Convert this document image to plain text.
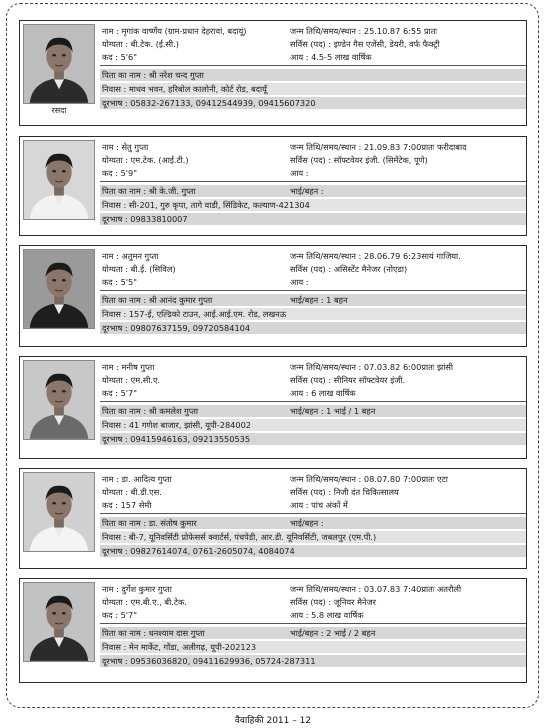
रसदा
नाम : मृगांक वार्ष्णेय (ग्राम-प्रधान देहरावां, बदायूं)	जन्म तिथि/समय/स्थान : 25.10.87 6:55 प्रातः
योग्यता : बी.टेक. (ई.सी.)	सर्विस (पद) : इण्डेन गैस एजेंसी, डेयरी, वर्फ फैक्ट्री
कद : 5'6"	आय : 4.5-5 लाख वार्षिक
पिता का नाम : श्री नरेश चन्द गुप्ता
निवास : माधव भवन, हरिबोल कालोनी, कोर्ट रोड, बदायूँ
दूरभाष : 05832-267133, 09412544939, 09415607320
नाम : सेतु गुप्ता	जन्म तिथि/समय/स्थान : 21.09.83 7:00प्रातः फरीदाबाद
योग्यता : एम.टेक. (आई.टी.)	सर्विस (पद) : सॉफ्टवेयर इंजी. (सिमेंटेक, पूणे)
कद : 5'9"	आय :
पिता का नाम : श्री के.जी. गुप्ता	भाई/बहन :
निवास : सी-201, गुरु कृपा, तागे वाडी, सिंडिकेट, कल्याण-421304
दूरभाष : 09833810007
नाम : अतुमन गुप्ता	जन्म तिथि/समय/स्थान : 28.06.79 6:23सायं गाजिया.
योग्यता : बी.ई. (सिविल)	सर्विस (पद) : असिस्टेंट मैनेजर (नोएडा)
कद : 5'5"	आय :
पिता का नाम : श्री आनंद कुमार गुप्ता	भाई/बहन : 1 बहन
निवास : 157-ई, एल्डिको टाउन, आई.आई.एम. रोड, लखनऊ
दूरभाष : 09807637159, 09720584104
नाम : मनीष गुप्ता	जन्म तिथि/समय/स्थान : 07.03.82 6:00प्रातः झांसी
योग्यता : एम.सी.ए.	सर्विस (पद) : सीनियर सॉफ्टवेयर इंजी.
कद : 5'7"	आय : 6 लाख वार्षिक
पिता का नाम : श्री कमलेश गुप्ता	भाई/बहन : 1 भाई / 1 बहन
निवास : 41 गणेश बाजार, झांसी, यूपी-284002
दूरभाष : 09415946163, 09213550535
नाम : डा. आदित्य गुप्ता	जन्म तिथि/समय/स्थान : 08.07.80 7:00प्रातः एटा
योग्यता : बी.डी.एस.	सर्विस (पद) : निजी दंत चिकित्सालय
कद : 157 सेमी	आय : पांच अंकों में
पिता का नाम : डा. संतोष कुमार	भाई/बहन :
निवास : बी-7, यूनिवर्सिटी प्रोफेसर्स क्वार्टर्स, पंचपेडी, आर.डी. यूनिवर्सिटी, जबलपुर (एम.पी.)
दूरभाष : 09827614074, 0761-2605074, 4084074
नाम : दुर्गेश कुमार गुप्ता	जन्म तिथि/समय/स्थान : 03.07.83 7:40प्रातः अतरौली
योग्यता : एम.बी.ए., बी.टेक.	सर्विस (पद) : जूनियर मैनेजर
कद : 5'7"	आय : 5.8 लाख वार्षिक
पिता का नाम : धनश्याम दास गुप्ता	भाई/बहन : 2 भाई / 2 बहन
निवास : मेन मार्केट, गोंडा, अलीगढ़, यूपी-202123
दूरभाष : 09536036820, 09411629936, 05724-287311
वैवाहिकी 2011 – 12
